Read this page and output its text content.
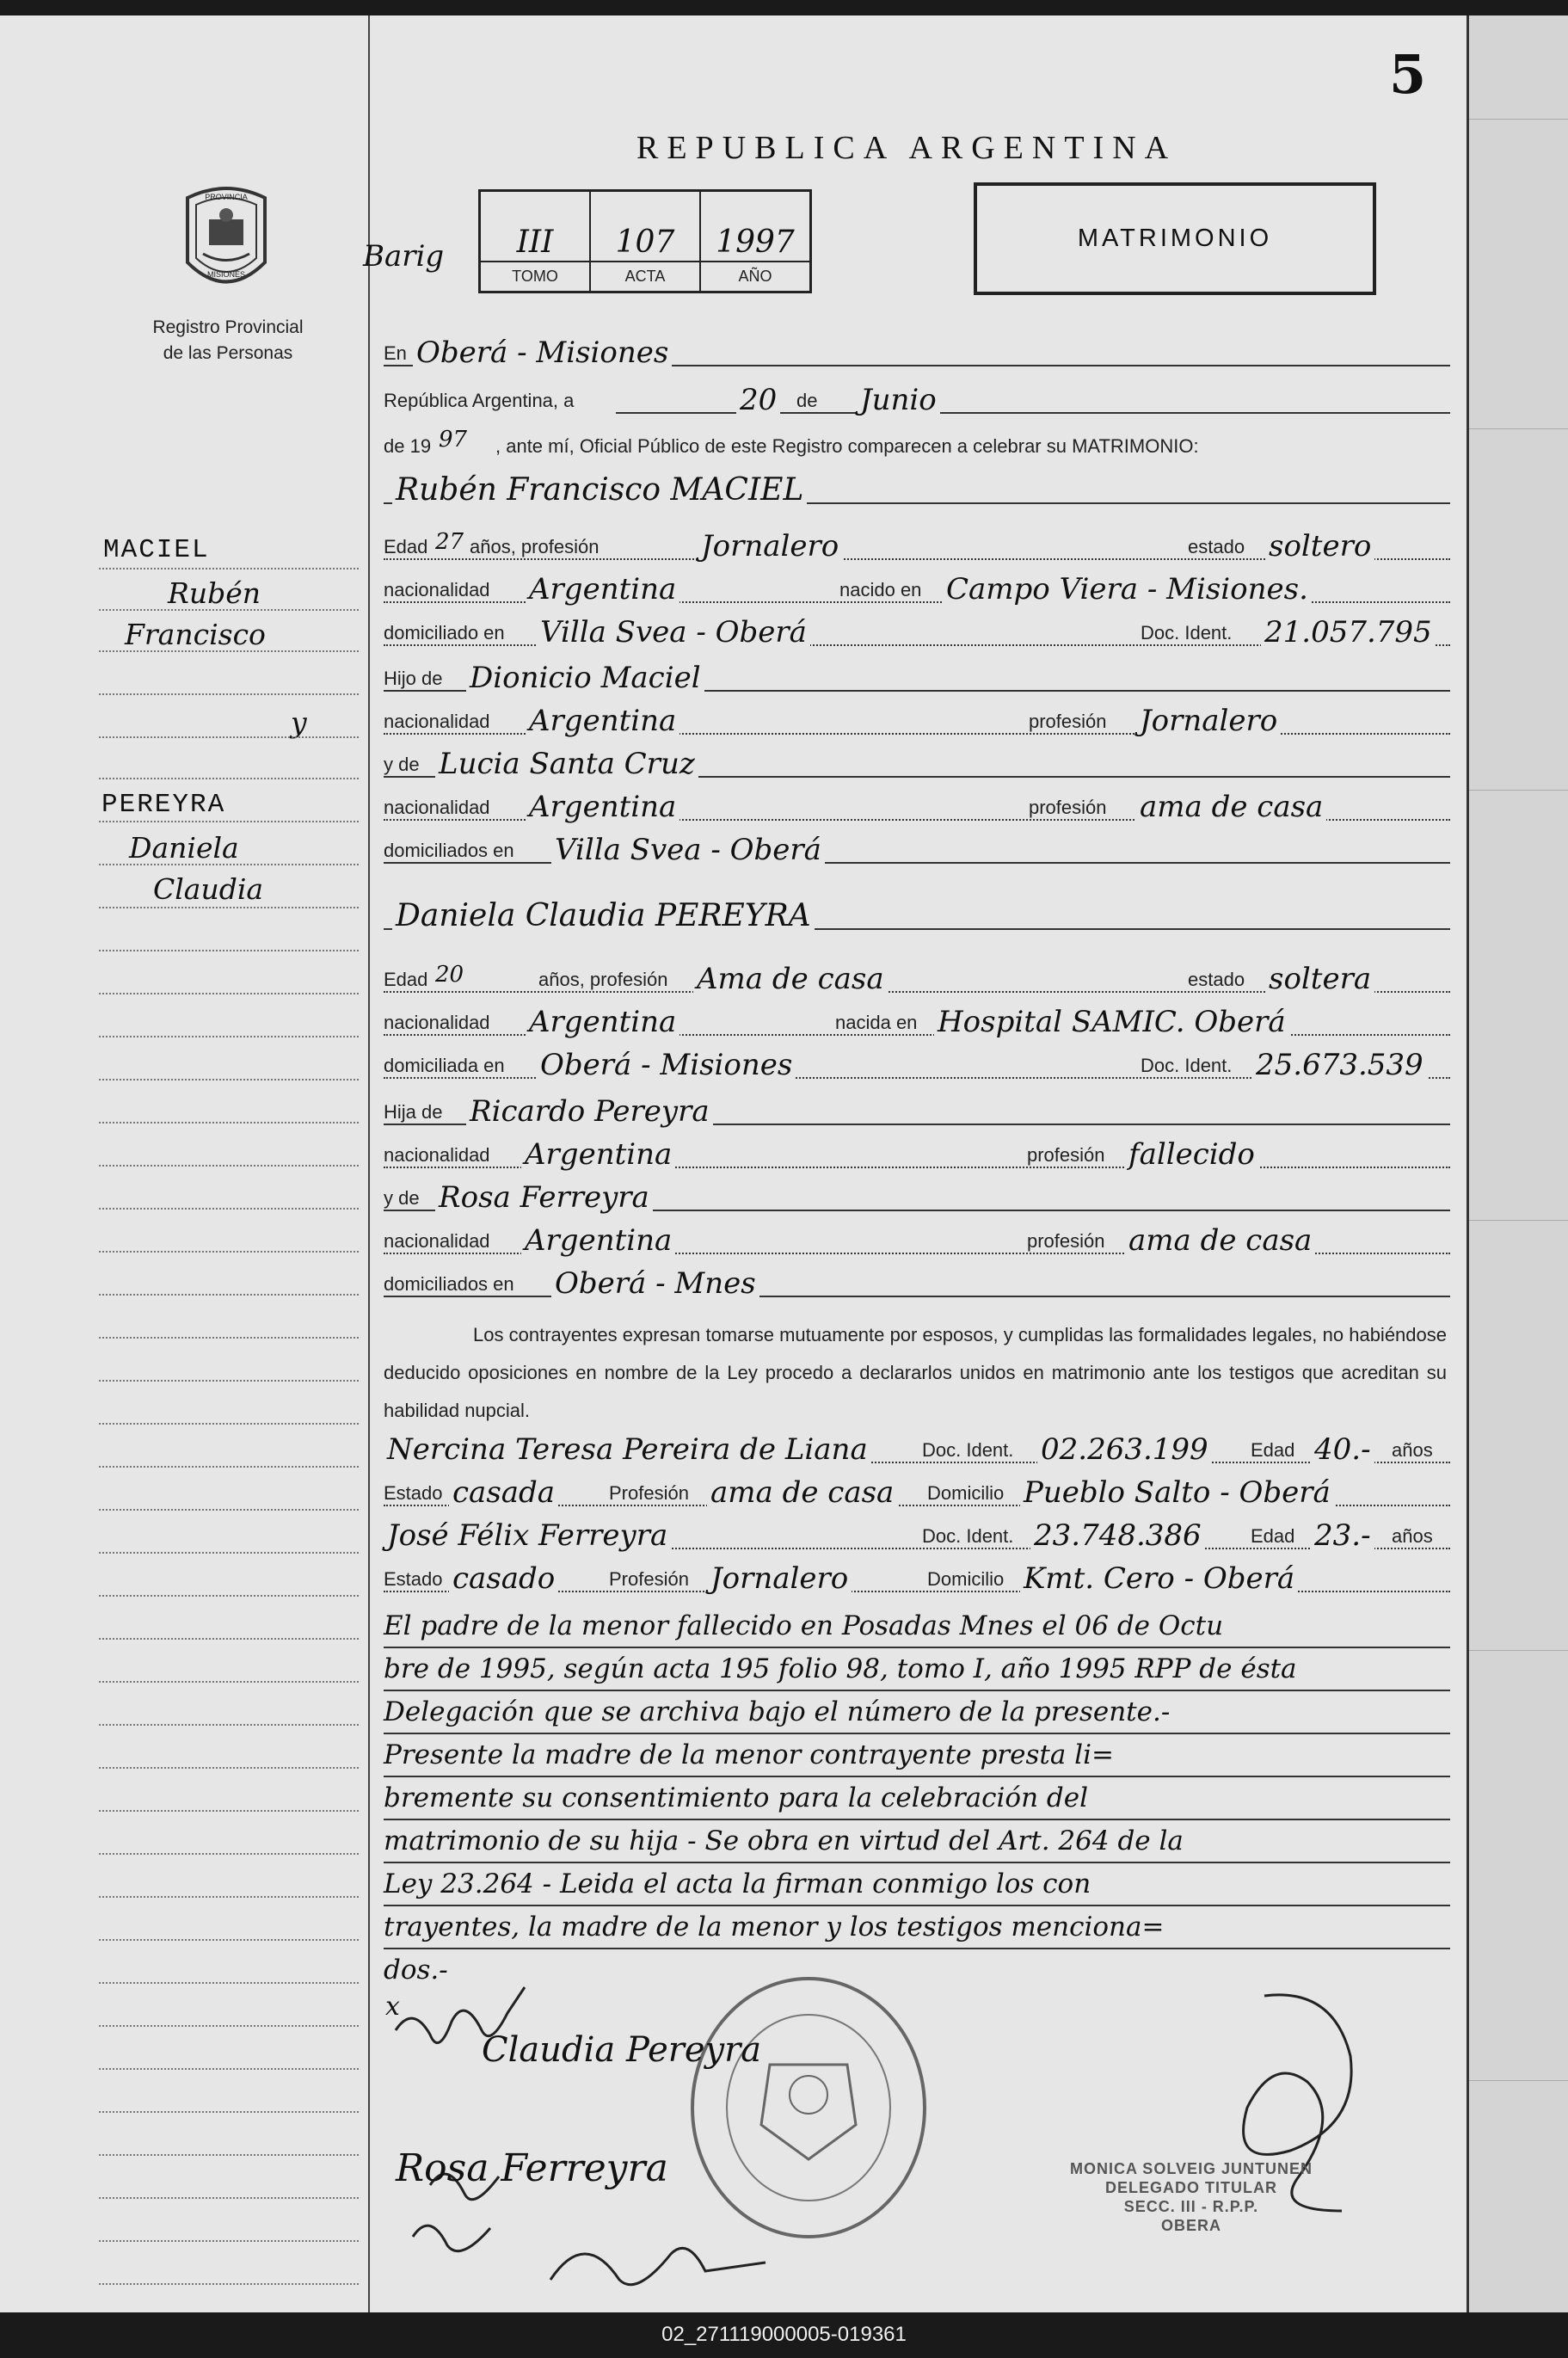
5
REPUBLICA ARGENTINA
PROVINCIA
MISIONES
Registro Provincial
de las Personas
Barig	III
TOMO
107
ACTA
1997
AÑO
MATRIMONIO
MACIEL
Rubén
Francisco
y
PEREYRA
Daniela
Claudia
En Oberá - Misiones
República Argentina, a	20 de Junio
de 19 97 , ante mí, Oficial Público de este Registro comparecen a celebrar su MATRIMONIO:
Rubén Francisco MACIEL
Edad 27 años, profesión	Jornalero	estado soltero
nacionalidad Argentina	nacido en Campo Viera - Misiones.
domiciliado en Villa Svea - Oberá	Doc. Ident. 21.057.795
Hijo de Dionicio Maciel
nacionalidad Argentina	profesión Jornalero
y de Lucia Santa Cruz
nacionalidad Argentina	profesión ama de casa
domiciliados en Villa Svea - Oberá
Daniela Claudia PEREYRA
Edad 20	años, profesión Ama de casa	estado soltera
nacionalidad Argentina	nacida en Hospital SAMIC. Oberá
domiciliada en Oberá - Misiones	Doc. Ident. 25.673.539
Hija de Ricardo Pereyra
nacionalidad Argentina	profesión fallecido
y de Rosa Ferreyra
nacionalidad Argentina	profesión ama de casa
domiciliados en Oberá - Mnes
Los contrayentes expresan tomarse mutuamente por esposos, y cumplidas las formalidades legales, no habiéndose deducido oposiciones en nombre de la Ley procedo a declararlos unidos en matrimonio ante los testigos que acreditan su habilidad nupcial.
Nercina Teresa Pereira de Liana	Doc. Ident. 02.263.199 Edad 40.- años
Estado casada	Profesión ama de casa Domicilio Pueblo Salto - Oberá
José Félix Ferreyra	Doc. Ident. 23.748.386	Edad 23.- años
Estado casado	Profesión Jornalero	Domicilio Kmt. Cero - Oberá
El padre de la menor fallecido en Posadas Mnes el 06 de Octu
bre de 1995, según acta 195 folio 98, tomo I, año 1995 RPP de ésta
Delegación que se archiva bajo el número de la presente.-
Presente la madre de la menor contrayente presta li=
bremente su consentimiento para la celebración del
matrimonio de su hija - Se obra en virtud del Art. 264 de la
Ley 23.264 - Leida el acta la firman conmigo los con
trayentes, la madre de la menor y los testigos menciona=
dos.-
x
Claudia Pereyra
Rosa Ferreyra	MONICA SOLVEIG JUNTUNEN
DELEGADO TITULAR
SECC. III - R.P.P.
OBERA
02_271119000005-019361
